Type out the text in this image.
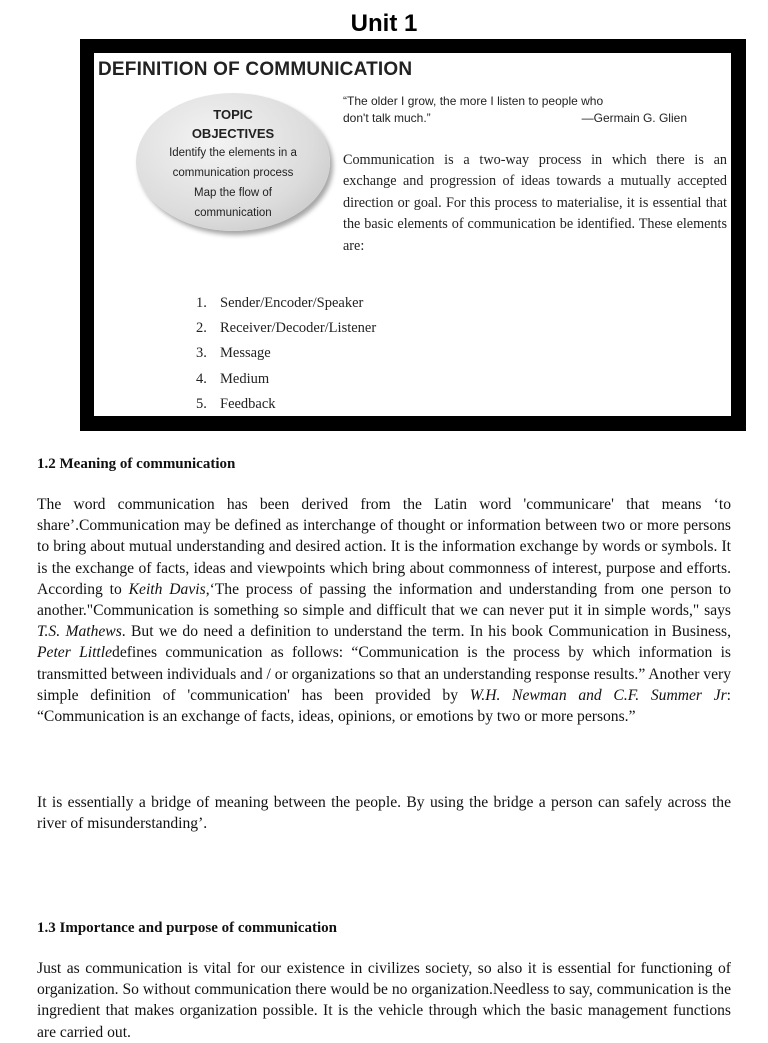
Unit 1
DEFINITION OF COMMUNICATION
TOPIC
OBJECTIVES
Identify the elements in a
communication process
Map the flow of
communication
“The older I grow, the more I listen to people who
don't talk much.”	—Germain G. Glien
Communication is a two-way process in which there is an exchange and progression of ideas towards a mutually accepted direction or goal. For this process to materialise, it is essential that the basic elements of communication be identified. These elements are:
1. Sender/Encoder/Speaker
2. Receiver/Decoder/Listener
3. Message
4. Medium
5. Feedback
1.2 Meaning of communication

The word communication has been derived from the Latin word 'communicare' that means ‘to share’.Communication may be defined as interchange of thought or information between two or more persons to bring about mutual understanding and desired action. It is the information exchange by words or symbols. It is the exchange of facts, ideas and viewpoints which bring about commonness of interest, purpose and efforts. According to Keith Davis,‘The process of passing the information and understanding from one person to another."Communication is something so simple and difficult that we can never put it in simple words," says T.S. Mathews. But we do need a definition to understand the term. In his book Communication in Business, Peter Littledefines communication as follows: “Communication is the process by which information is transmitted between individuals and / or organizations so that an understanding response results.” Another very simple definition of 'communication' has been provided by W.H. Newman and C.F. Summer Jr: “Communication is an exchange of facts, ideas, opinions, or emotions by two or more persons.”

It is essentially a bridge of meaning between the people. By using the bridge a person can safely across the river of misunderstanding’.

1.3 Importance and purpose of communication

Just as communication is vital for our existence in civilizes society, so also it is essential for functioning of organization. So without communication there would be no organization.Needless to say, communication is the ingredient that makes organization possible. It is the vehicle through which the basic management functions are carried out.
